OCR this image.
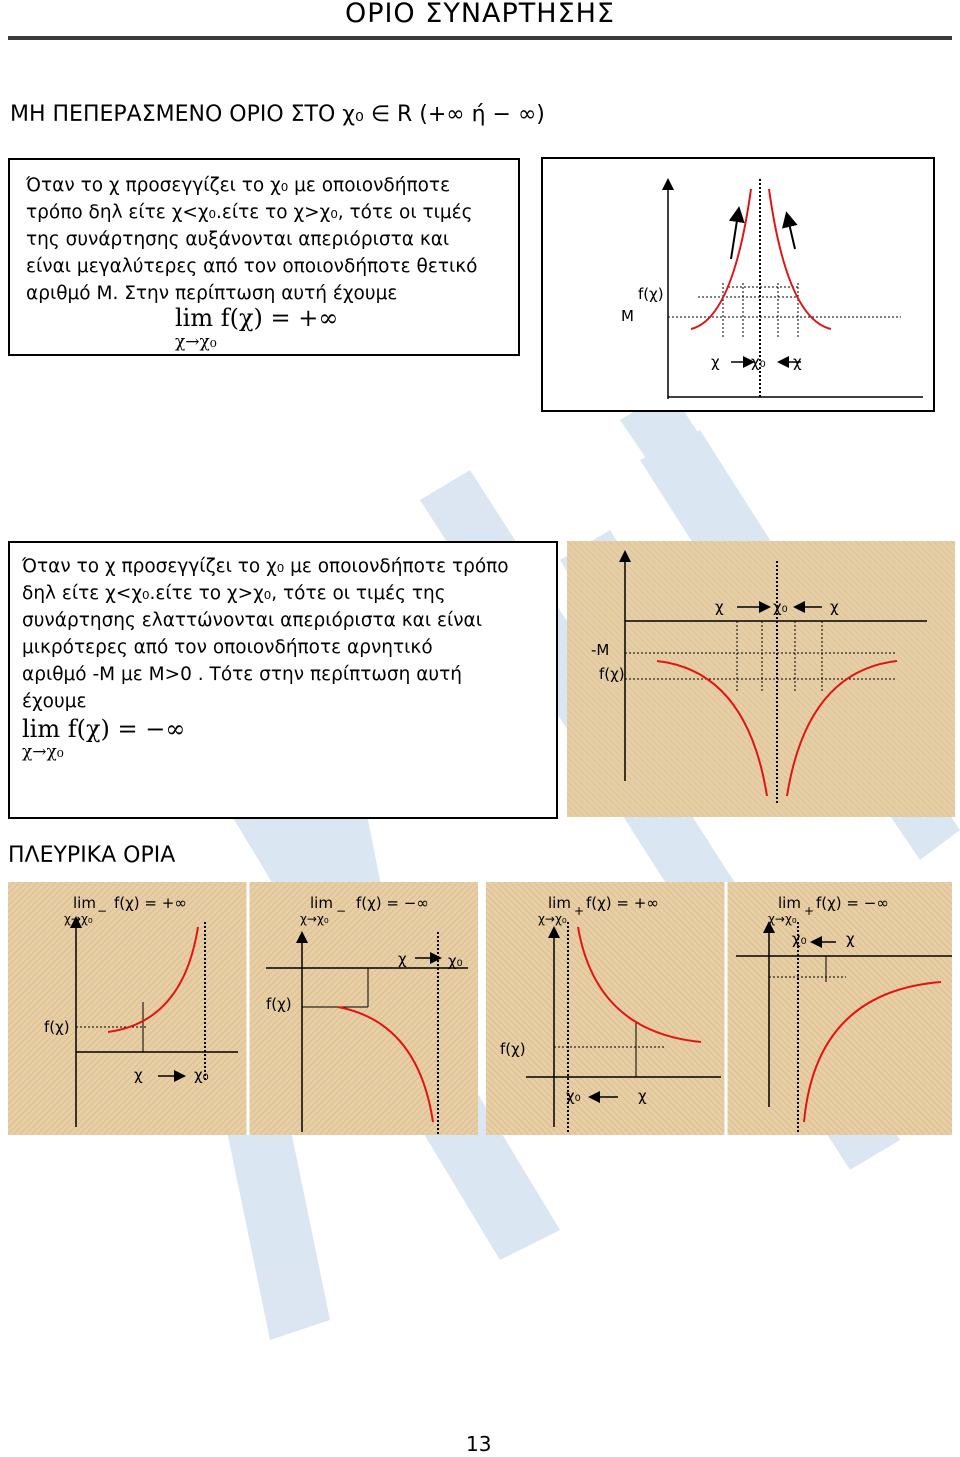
ΟΡΙΟ ΣΥΝΑΡΤΗΣΗΣ
ΜΗ ΠΕΠΕΡΑΣΜΕΝΟ ΟΡΙΟ ΣΤΟ χ₀ ∈ R (+∞ ή − ∞)
Όταν το χ προσεγγίζει το χ₀ με οποιονδήποτε
τρόπο δηλ είτε χ<χ₀.είτε το χ>χ₀, τότε οι τιμές
της συνάρτησης αυξάνονται απεριόριστα και
είναι μεγαλύτερες από τον οποιονδήποτε θετικό
αριθμό Μ. Στην περίπτωση αυτή έχουμε
lim f(χ) = +∞
χ→χ₀
f(χ)
M
χ χ₀ χ
Όταν το χ προσεγγίζει το χ₀ με οποιονδήποτε τρόπο
δηλ είτε χ<χ₀.είτε το χ>χ₀, τότε οι τιμές της
συνάρτησης ελαττώνονται απεριόριστα και είναι
μικρότερες από τον οποιονδήποτε αρνητικό
αριθμό -Μ με Μ>0 . Τότε στην περίπτωση αυτή
έχουμε
lim f(χ) = −∞
χ→χ₀
χ	χ₀	χ
-M
f(χ)
ΠΛΕΥΡΙΚΑ ΟΡΙΑ
lim f(χ) = +∞
χ→χ₀
−
f(χ)
χ	χ₀
lim f(χ) = −∞
χ→χ₀
−
f(χ)
χ	χ₀
lim f(χ) = +∞
χ→χ₀
+
f(χ)
χ₀	χ
lim f(χ) = −∞
χ→χ₀
+
χ₀	χ
13
